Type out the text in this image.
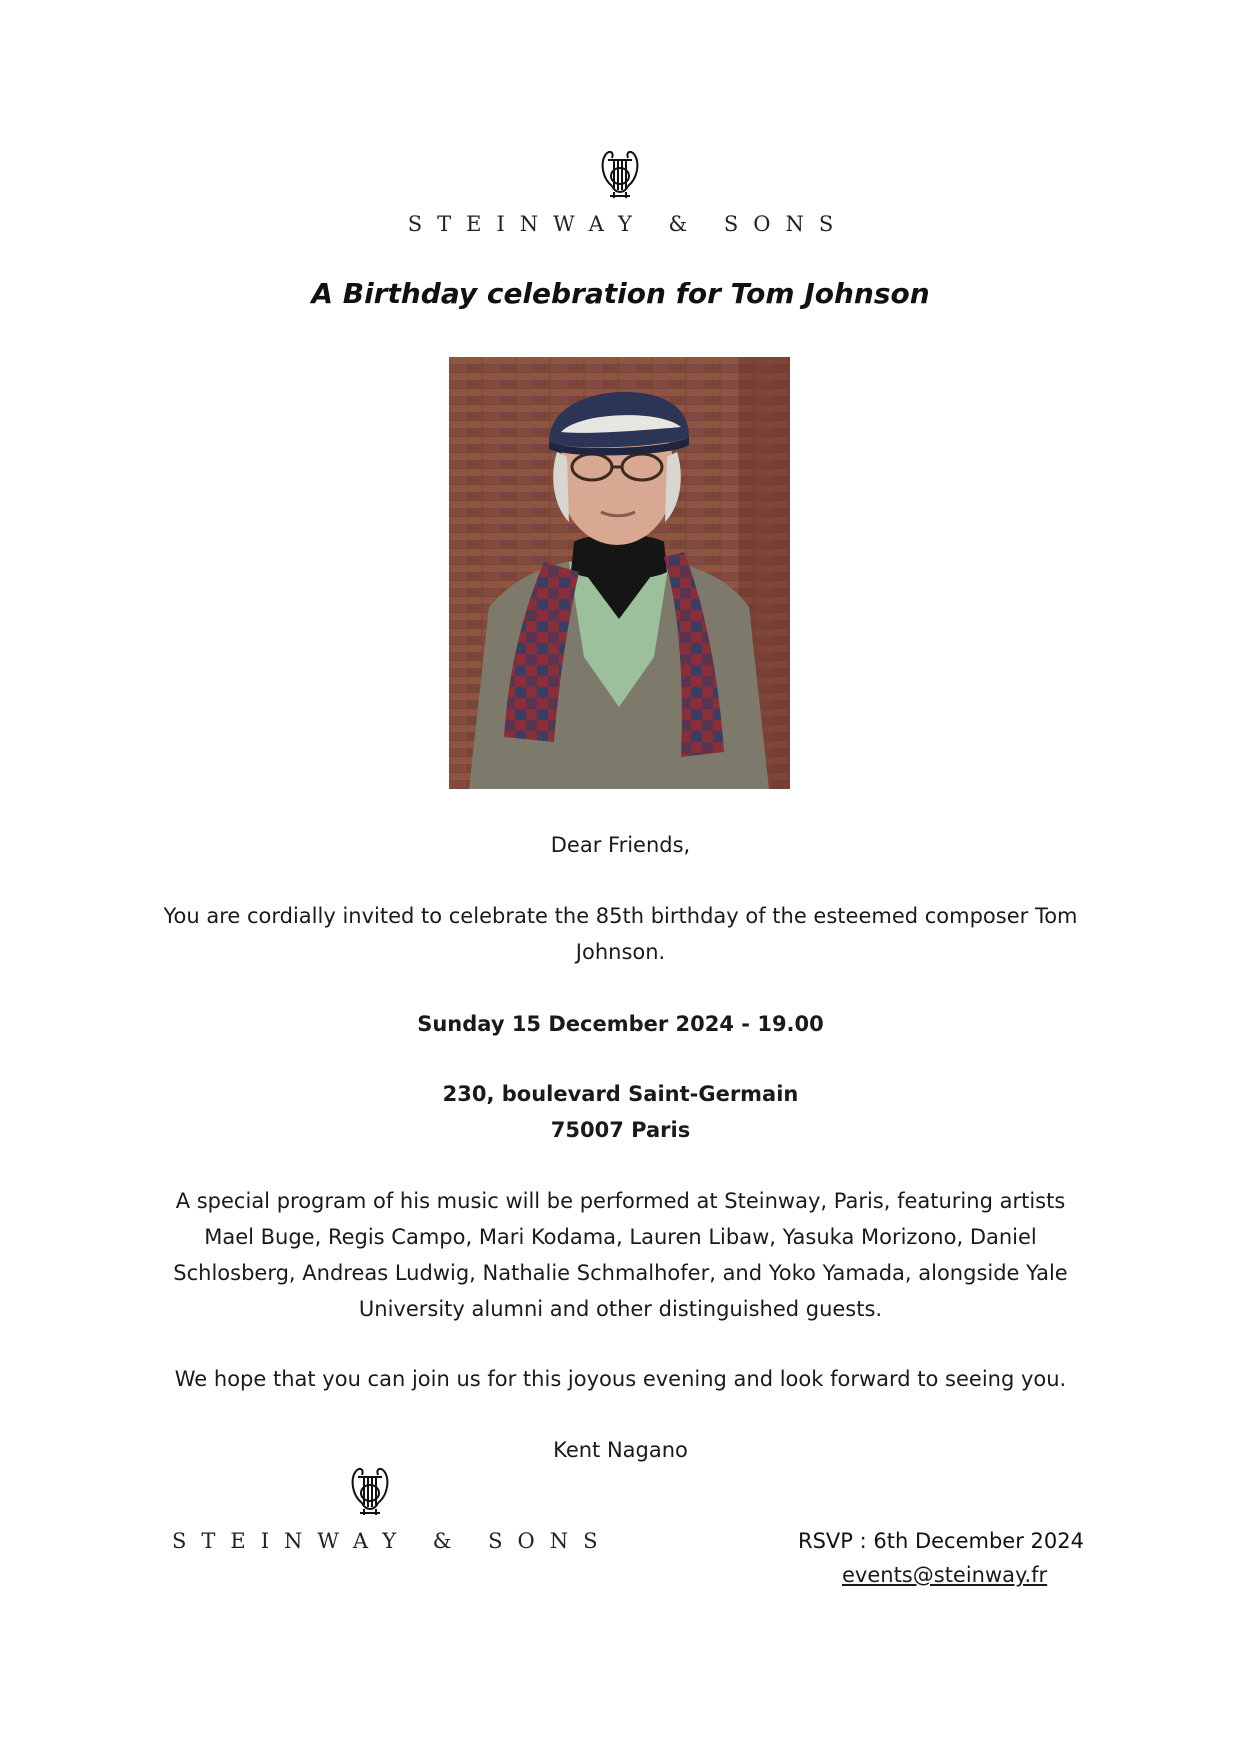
STEINWAY & SONS
A Birthday celebration for Tom Johnson
Dear Friends,
You are cordially invited to celebrate the 85th birthday of the esteemed composer Tom Johnson.
Sunday 15 December 2024 - 19.00
230, boulevard Saint-Germain
75007 Paris
A special program of his music will be performed at Steinway, Paris, featuring artists Mael Buge, Regis Campo, Mari Kodama, Lauren Libaw, Yasuka Morizono, Daniel Schlosberg, Andreas Ludwig, Nathalie Schmalhofer, and Yoko Yamada, alongside Yale University alumni and other distinguished guests.
We hope that you can join us for this joyous evening and look forward to seeing you.
Kent Nagano
STEINWAY & SONS	RSVP : 6th December 2024
events@steinway.fr
